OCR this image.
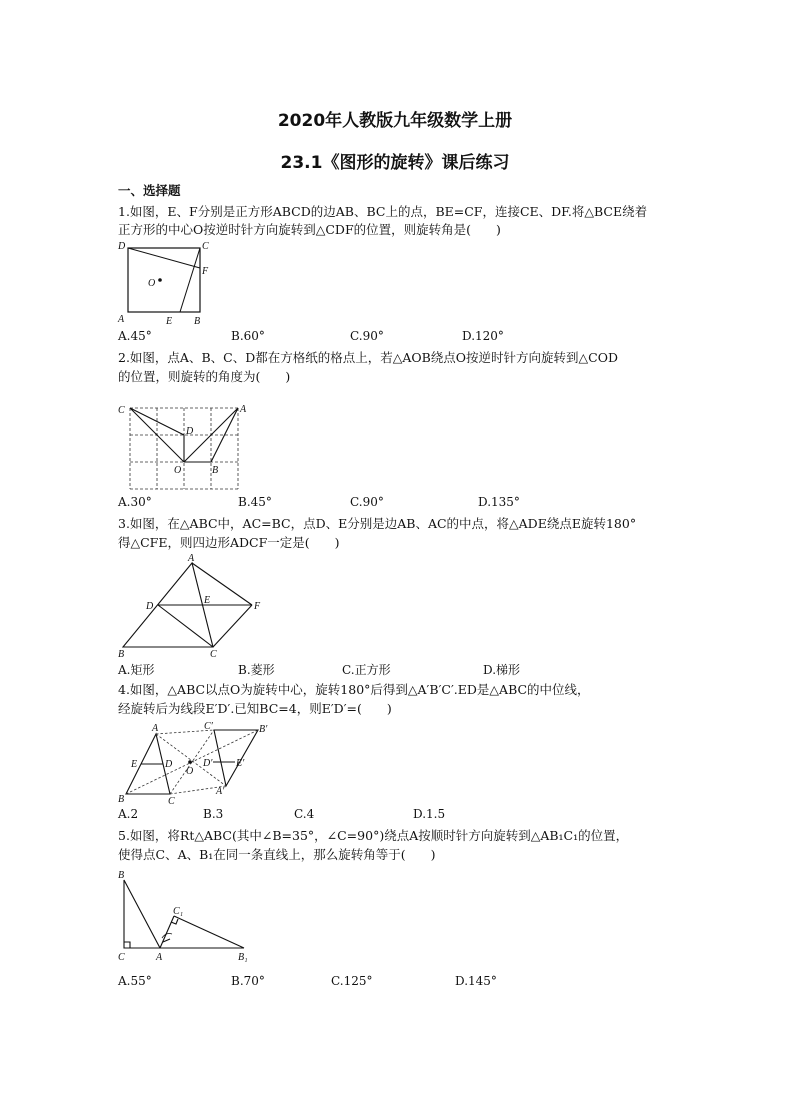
2020年人教版九年级数学上册
23.1《图形的旋转》课后练习
一、选择题
1.如图，E、F分别是正方形ABCD的边AB、BC上的点，BE=CF，连接CE、DF.将△BCE绕着
正方形的中心O按逆时针方向旋转到△CDF的位置，则旋转角是(　　)
D	C
F
O
A	E B
A.45°	B.60°	C.90°	D.120°
2.如图，点A、B、C、D都在方格纸的格点上，若△AOB绕点O按逆时针方向旋转到△COD
的位置，则旋转的角度为(　　)
C	A
D
O	B
A.30°	B.45°	C.90°	D.135°
3.如图，在△ABC中，AC=BC，点D、E分别是边AB、AC的中点，将△ADE绕点E旋转180°
得△CFE，则四边形ADCF一定是(　　)
A
D
E
F
B	C
A.矩形	B.菱形	C.正方形	D.梯形
4.如图，△ABC以点O为旋转中心，旋转180°后得到△A′B′C′.ED是△ABC的中位线，
经旋转后为线段E′D′.已知BC=4，则E′D′=(　　)
A
E	D
B	C
O
C′	B′
D′ E′
A′
A.2	B.3	C.4	D.1.5
5.如图，将Rt△ABC(其中∠B=35°，∠C=90°)绕点A按顺时针方向旋转到△AB₁C₁的位置，
使得点C、A、B₁在同一条直线上，那么旋转角等于(　　)
B
C₁
C	A	B₁
A.55°	B.70°	C.125°	D.145°
